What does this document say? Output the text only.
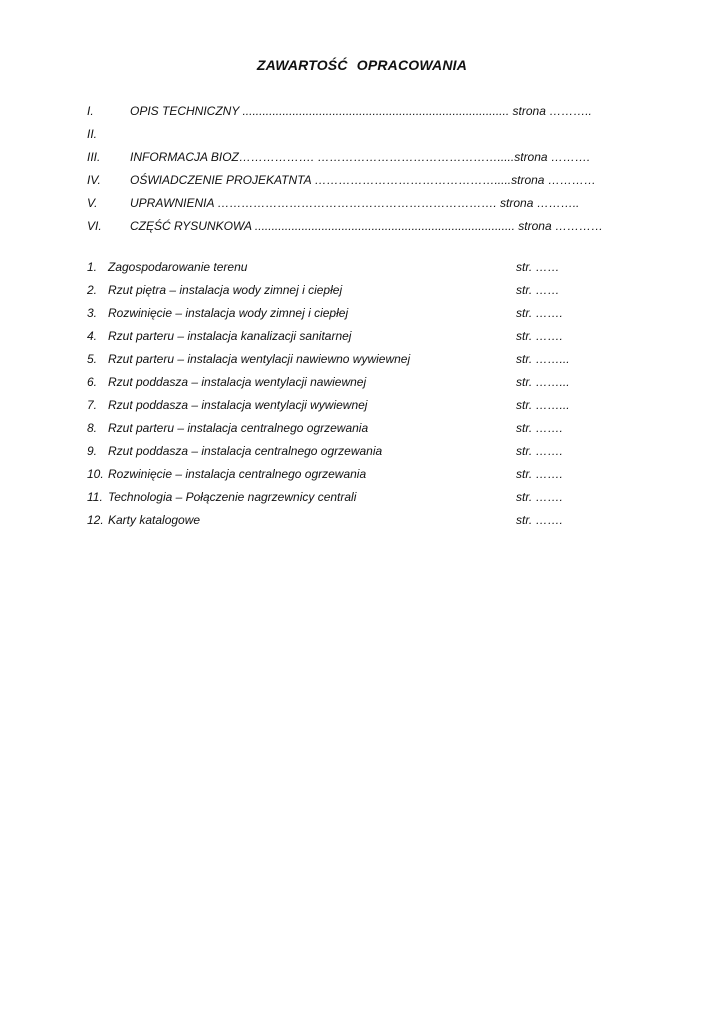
ZAWARTOŚĆ OPRACOWANIA
I.	OPIS TECHNICZNY ................................................................................ strona ………..
II.
III. INFORMACJA BIOZ………………. ……………………………………….....strona ……….
IV. OŚWIADCZENIE PROJEKATNTA ……………………………………….....strona …………
V.	UPRAWNIENIA ……………………………………………………………. strona ………..
VI. CZĘŚĆ RYSUNKOWA .............................................................................. strona …………
1. Zagospodarowanie terenu	str. ……
2. Rzut piętra – instalacja wody zimnej i ciepłej	str. ……
3. Rozwinięcie – instalacja wody zimnej i ciepłej	str. …….
4. Rzut parteru – instalacja kanalizacji sanitarnej	str. …….
5. Rzut parteru – instalacja wentylacji nawiewno wywiewnej	str. ……...
6. Rzut poddasza – instalacja wentylacji nawiewnej	str. ……...
7. Rzut poddasza – instalacja wentylacji wywiewnej	str. ……...
8. Rzut parteru – instalacja centralnego ogrzewania	str. …….
9. Rzut poddasza – instalacja centralnego ogrzewania	str. …….
10. Rozwinięcie – instalacja centralnego ogrzewania	str. …….
11. Technologia – Połączenie nagrzewnicy centrali	str. …….
12. Karty katalogowe	str. …….
